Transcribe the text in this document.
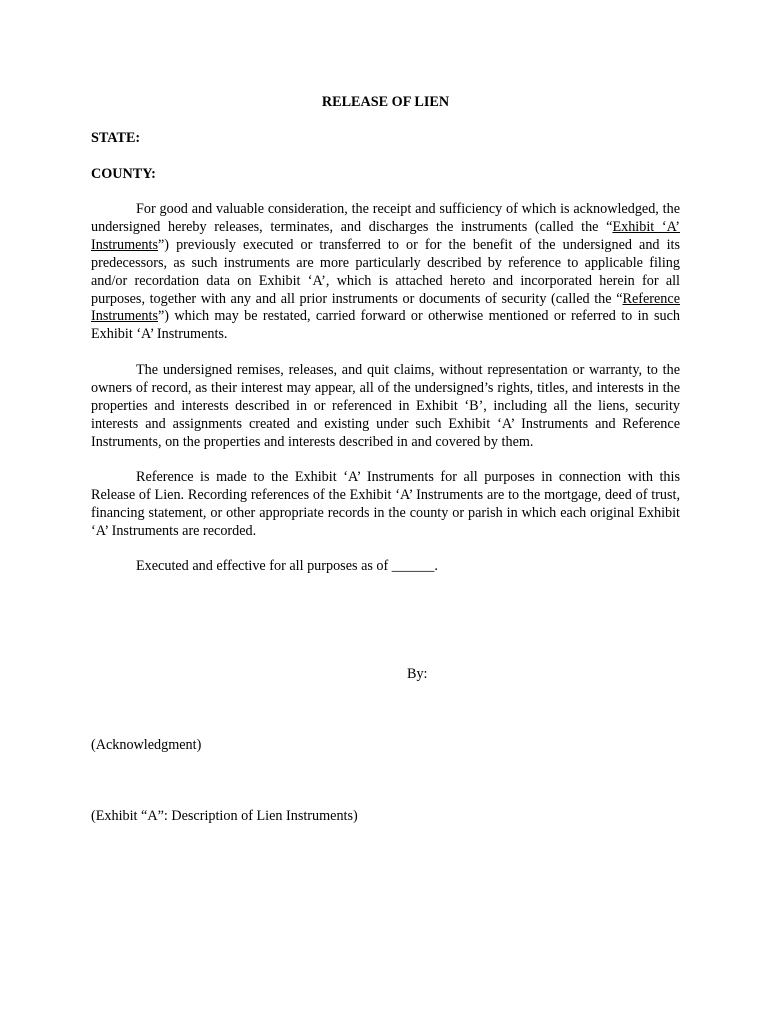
RELEASE OF LIEN

STATE:

COUNTY:

For good and valuable consideration, the receipt and sufficiency of which is acknowledged, the undersigned hereby releases, terminates, and discharges the instruments (called the “Exhibit ‘A’ Instruments”) previously executed or transferred to or for the benefit of the undersigned and its predecessors, as such instruments are more particularly described by reference to applicable filing and/or recordation data on Exhibit ‘A’, which is attached hereto and incorporated herein for all purposes, together with any and all prior instruments or documents of security (called the “Reference Instruments”) which may be restated, carried forward or otherwise mentioned or referred to in such Exhibit ‘A’ Instruments.

The undersigned remises, releases, and quit claims, without representation or warranty, to the owners of record, as their interest may appear, all of the undersigned’s rights, titles, and interests in the properties and interests described in or referenced in Exhibit ‘B’, including all the liens, security interests and assignments created and existing under such Exhibit ‘A’ Instruments and Reference Instruments, on the properties and interests described in and covered by them.

Reference is made to the Exhibit ‘A’ Instruments for all purposes in connection with this Release of Lien. Recording references of the Exhibit ‘A’ Instruments are to the mortgage, deed of trust, financing statement, or other appropriate records in the county or parish in which each original Exhibit ‘A’ Instruments are recorded.

Executed and effective for all purposes as of ______.

By:

(Acknowledgment)

(Exhibit “A”: Description of Lien Instruments)
